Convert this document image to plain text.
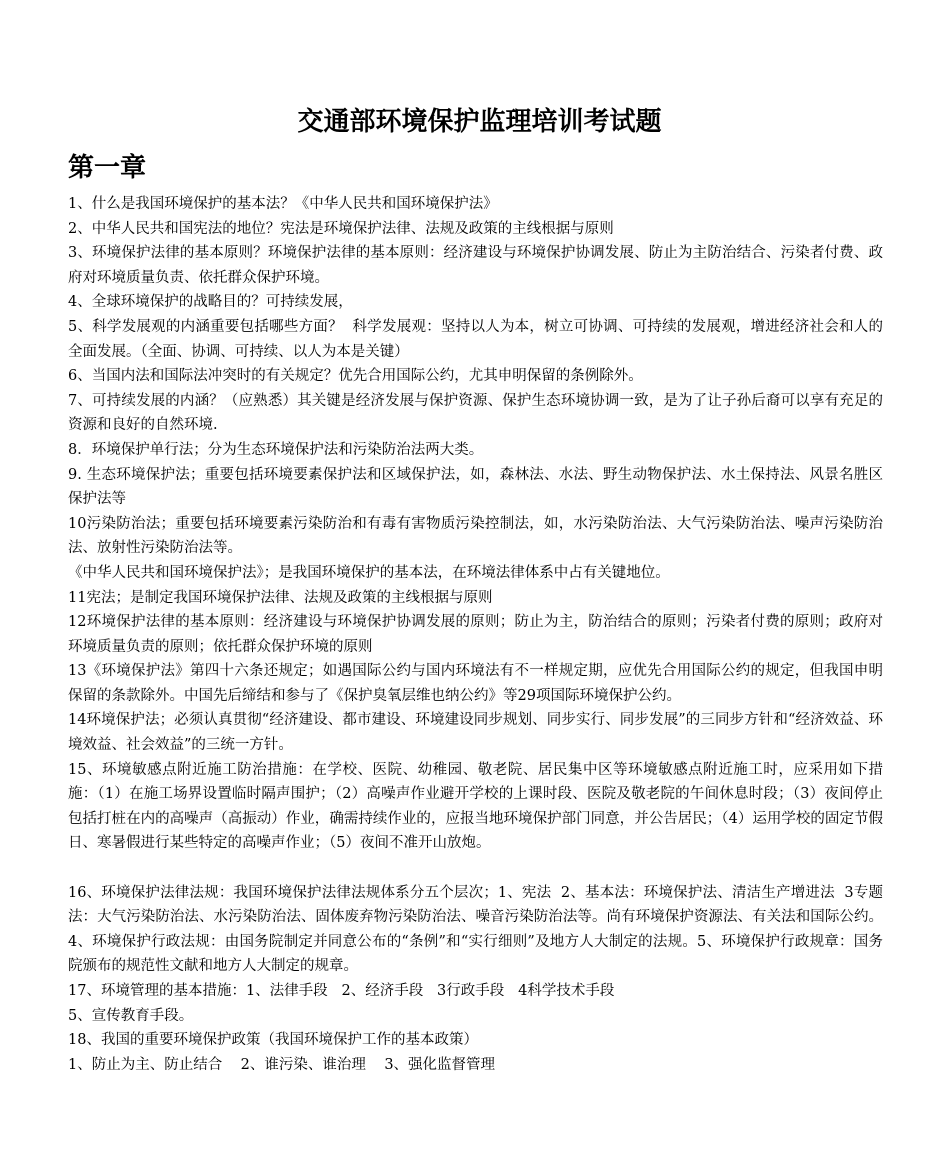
交通部环境保护监理培训考试题
第一章

1、什么是我国环境保护的基本法？《中华人民共和国环境保护法》

2、中华人民共和国宪法的地位？宪法是环境保护法律、法规及政策的主线根据与原则

3、环境保护法律的基本原则？环境保护法律的基本原则：经济建设与环境保护协调发展、防止为主防治结合、污染者付费、政府对环境质量负责、依托群众保护环境。

4、全球环境保护的战略目的？可持续发展，

5、科学发展观的内涵重要包括哪些方面？  科学发展观：坚持以人为本，树立可协调、可持续的发展观，增进经济社会和人的全面发展。（全面、协调、可持续、以人为本是关键）

6、当国内法和国际法冲突时的有关规定？优先合用国际公约，尤其申明保留的条例除外。

7、可持续发展的内涵？（应熟悉）其关键是经济发展与保护资源、保护生态环境协调一致，是为了让子孙后裔可以享有充足的资源和良好的自然环境.

8．环境保护单行法；分为生态环境保护法和污染防治法两大类。

9. 生态环境保护法；重要包括环境要素保护法和区域保护法，如，森林法、水法、野生动物保护法、水土保持法、风景名胜区保护法等

10污染防治法；重要包括环境要素污染防治和有毒有害物质污染控制法，如，水污染防治法、大气污染防治法、噪声污染防治法、放射性污染防治法等。

《中华人民共和国环境保护法》；是我国环境保护的基本法，在环境法律体系中占有关键地位。

11宪法；是制定我国环境保护法律、法规及政策的主线根据与原则

12环境保护法律的基本原则：经济建设与环境保护协调发展的原则；防止为主，防治结合的原则；污染者付费的原则；政府对环境质量负责的原则；依托群众保护环境的原则

13《环境保护法》第四十六条还规定；如遇国际公约与国内环境法有不一样规定期，应优先合用国际公约的规定，但我国申明保留的条款除外。中国先后缔结和参与了《保护臭氧层维也纳公约》等29项国际环境保护公约。

14环境保护法；必须认真贯彻“经济建设、都市建设、环境建设同步规划、同步实行、同步发展”的三同步方针和“经济效益、环境效益、社会效益”的三统一方针。

15、环境敏感点附近施工防治措施：在学校、医院、幼稚园、敬老院、居民集中区等环境敏感点附近施工时，应采用如下措施：（1）在施工场界设置临时隔声围护；（2）高噪声作业避开学校的上课时段、医院及敬老院的午间休息时段；（3）夜间停止包括打桩在内的高噪声（高振动）作业，确需持续作业的，应报当地环境保护部门同意，并公告居民；（4）运用学校的固定节假日、寒暑假进行某些特定的高噪声作业；（5）夜间不准开山放炮。

16、环境保护法律法规：我国环境保护法律法规体系分五个层次；1、宪法  2、基本法：环境保护法、清洁生产增进法  3专题法：大气污染防治法、水污染防治法、固体废弃物污染防治法、噪音污染防治法等。尚有环境保护资源法、有关法和国际公约。  4、环境保护行政法规：由国务院制定并同意公布的“条例”和“实行细则”及地方人大制定的法规。5、环境保护行政规章：国务院颁布的规范性文献和地方人大制定的规章。

17、环境管理的基本措施：1、法律手段   2、经济手段   3行政手段   4科学技术手段

5、宣传教育手段。

18、我国的重要环境保护政策（我国环境保护工作的基本政策）

1、防止为主、防止结合    2、谁污染、谁治理    3、强化监督管理
